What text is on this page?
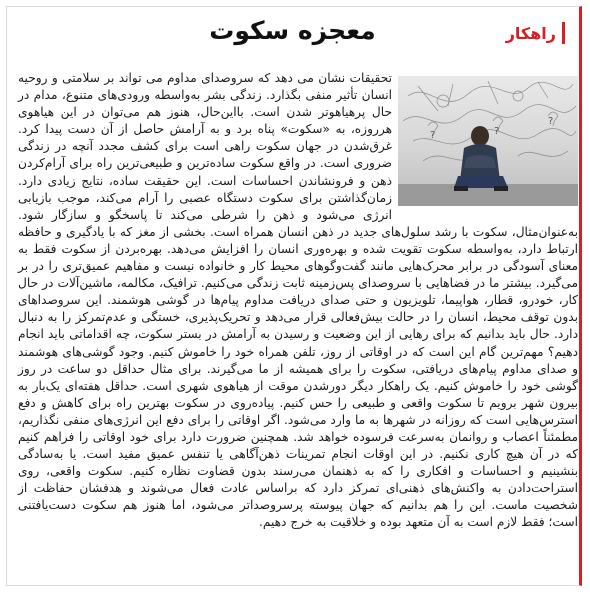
راهکار
معجزه سکوت
?
?	?

تحقیقات نشان می دهد که سروصدای مداوم می تواند بر سلامتی و روحیه انسان تأثیر منفی بگذارد. زندگی بشر به‌واسطه ورودی‌های متنوع، مدام در حال پرهیاهوتر شدن است. بااین‌حال، هنوز هم می‌توان در این هیاهوی هرروزه، به «سکوت» پناه برد و به آرامش حاصل از آن دست پیدا کرد. غرق‌شدن در جهان سکوت راهی است برای کشف مجدد آنچه در زندگی ضروری است. در واقع سکوت ساده‌ترین و طبیعی‌ترین راه برای آرام‌کردن ذهن و فرونشاندن احساسات است. این حقیقت ساده، نتایج زیادی دارد. زمان‌گذاشتن برای سکوت دستگاه عصبی را آرام می‌کند، موجب بازیابی انرژی می‌شود و ذهن را شرطی می‌کند تا پاسخگو و سازگار شود. به‌عنوان‌مثال، سکوت با رشد سلول‌های جدید در ذهن انسان همراه است. بخشی از مغز که با یادگیری و حافظه ارتباط دارد، به‌واسطه سکوت تقویت شده و بهره‌وری انسان را افزایش می‌دهد. بهره‌بردن از سکوت فقط به معنای آسودگی در برابر محرک‌هایی مانند گفت‌وگوهای محیط کار و خانواده نیست و مفاهیم عمیق‌تری را در بر می‌گیرد. بیشتر ما در فضاهایی با سروصدای پس‌زمینه ثابت زندگی می‌کنیم. ترافیک، مکالمه، ماشین‌آلات در حال کار، خودرو، قطار، هواپیما، تلویزیون و حتی صدای دریافت مداوم پیام‌ها در گوشی هوشمند. این سروصداهای بدون توقف محیط، انسان را در حالت بیش‌فعالی قرار می‌دهد و تحریک‌پذیری، خستگی و عدم‌تمرکز را به دنبال دارد. حال باید بدانیم که برای رهایی از این وضعیت و رسیدن به آرامش در بستر سکوت، چه اقداماتی باید انجام دهیم؟ مهم‌ترین گام این است که در اوقاتی از روز، تلفن همراه خود را خاموش کنیم. وجود گوشی‌های هوشمند و صدای مداوم پیام‌های دریافتی، سکوت را برای همیشه از ما می‌گیرند. برای مثال حداقل دو ساعت در روز گوشی خود را خاموش کنیم. یک راهکار دیگر دورشدن موقت از هیاهوی شهری است. حداقل هفته‌ای یک‌بار به بیرون شهر برویم تا سکوت واقعی و طبیعی را حس کنیم. پیاده‌روی در سکوت بهترین راه برای کاهش و دفع استرس‌هایی است که روزانه در شهرها به ما وارد می‌شود. اگر اوقاتی را برای دفع این انرژی‌های منفی نگذاریم، مطمئناً اعصاب و روانمان به‌سرعت فرسوده خواهد شد. همچنین ضرورت دارد برای خود اوقاتی را فراهم کنیم که در آن هیچ کاری نکنیم. در این اوقات انجام تمرینات ذهن‌آگاهی یا تنفس عمیق مفید است. یا به‌سادگی بنشینیم و احساسات و افکاری را که به ذهنمان می‌رسند بدون قضاوت نظاره کنیم. سکوت واقعی، روی استراحت‌دادن به واکنش‌های ذهنی‌ای تمرکز دارد که براساس عادت فعال می‌شوند و هدفشان حفاظت از شخصیت ماست. این را هم بدانیم که جهان پیوسته پرسروصداتر می‌شود، اما هنوز هم سکوت دست‌یافتنی است؛ فقط لازم است به آن متعهد بوده و خلاقیت به خرج دهیم.
